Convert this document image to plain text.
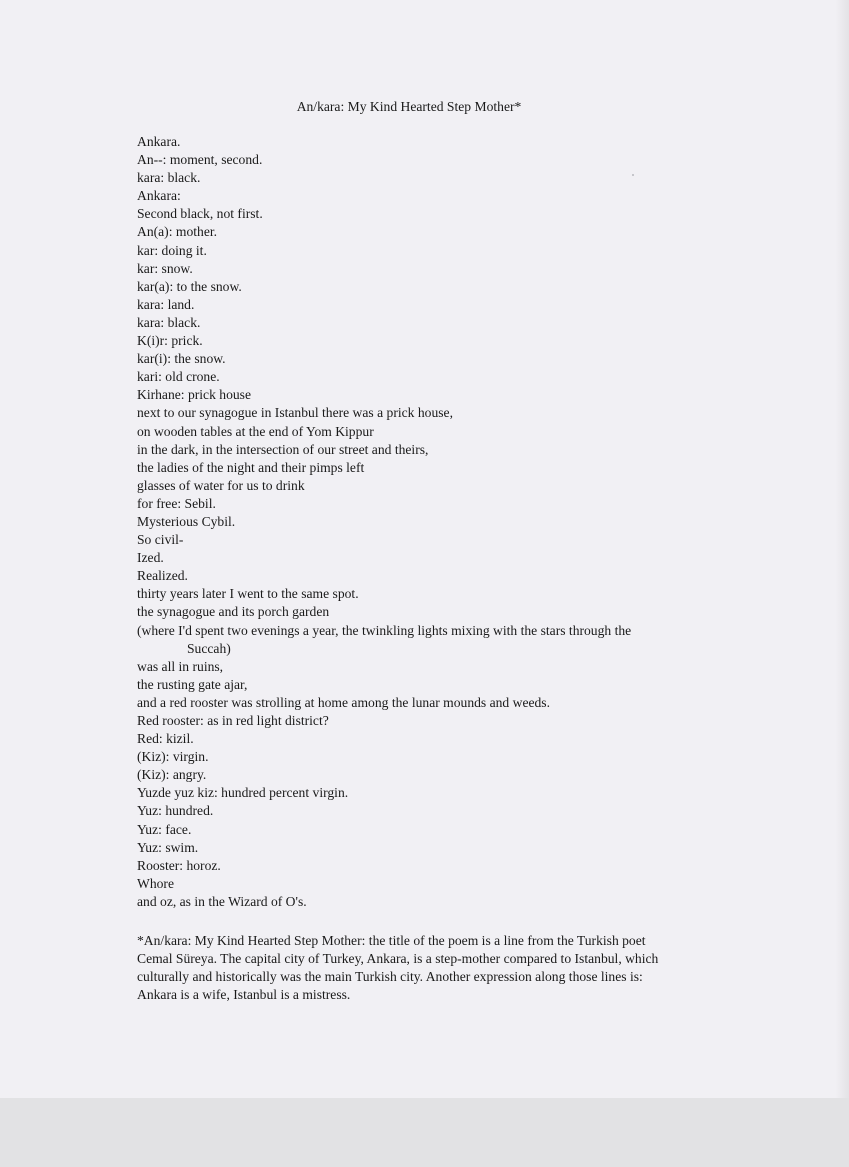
An/kara: My Kind Hearted Step Mother*
Ankara.
An--: moment, second.
kara: black.
Ankara:
Second black, not first.
An(a): mother.
kar: doing it.
kar: snow.
kar(a): to the snow.
kara: land.
kara: black.
K(i)r: prick.
kar(i): the snow.
kari: old crone.
Kirhane: prick house
next to our synagogue in Istanbul there was a prick house,
on wooden tables at the end of Yom Kippur
in the dark, in the intersection of our street and theirs,
the ladies of the night and their pimps left
glasses of water for us to drink
for free: Sebil.
Mysterious Cybil.
So civil-
Ized.
Realized.
thirty years later I went to the same spot.
the synagogue and its porch garden
(where I'd spent two evenings a year, the twinkling lights mixing with the stars through the
Succah)
was all in ruins,
the rusting gate ajar,
and a red rooster was strolling at home among the lunar mounds and weeds.
Red rooster: as in red light district?
Red: kizil.
(Kiz): virgin.
(Kiz): angry.
Yuzde yuz kiz: hundred percent virgin.
Yuz: hundred.
Yuz: face.
Yuz: swim.
Rooster: horoz.
Whore
and oz, as in the Wizard of O's.
*An/kara: My Kind Hearted Step Mother: the title of the poem is a line from the Turkish poet
Cemal Süreya. The capital city of Turkey, Ankara, is a step-mother compared to Istanbul, which
culturally and historically was the main Turkish city. Another expression along those lines is:
Ankara is a wife, Istanbul is a mistress.
